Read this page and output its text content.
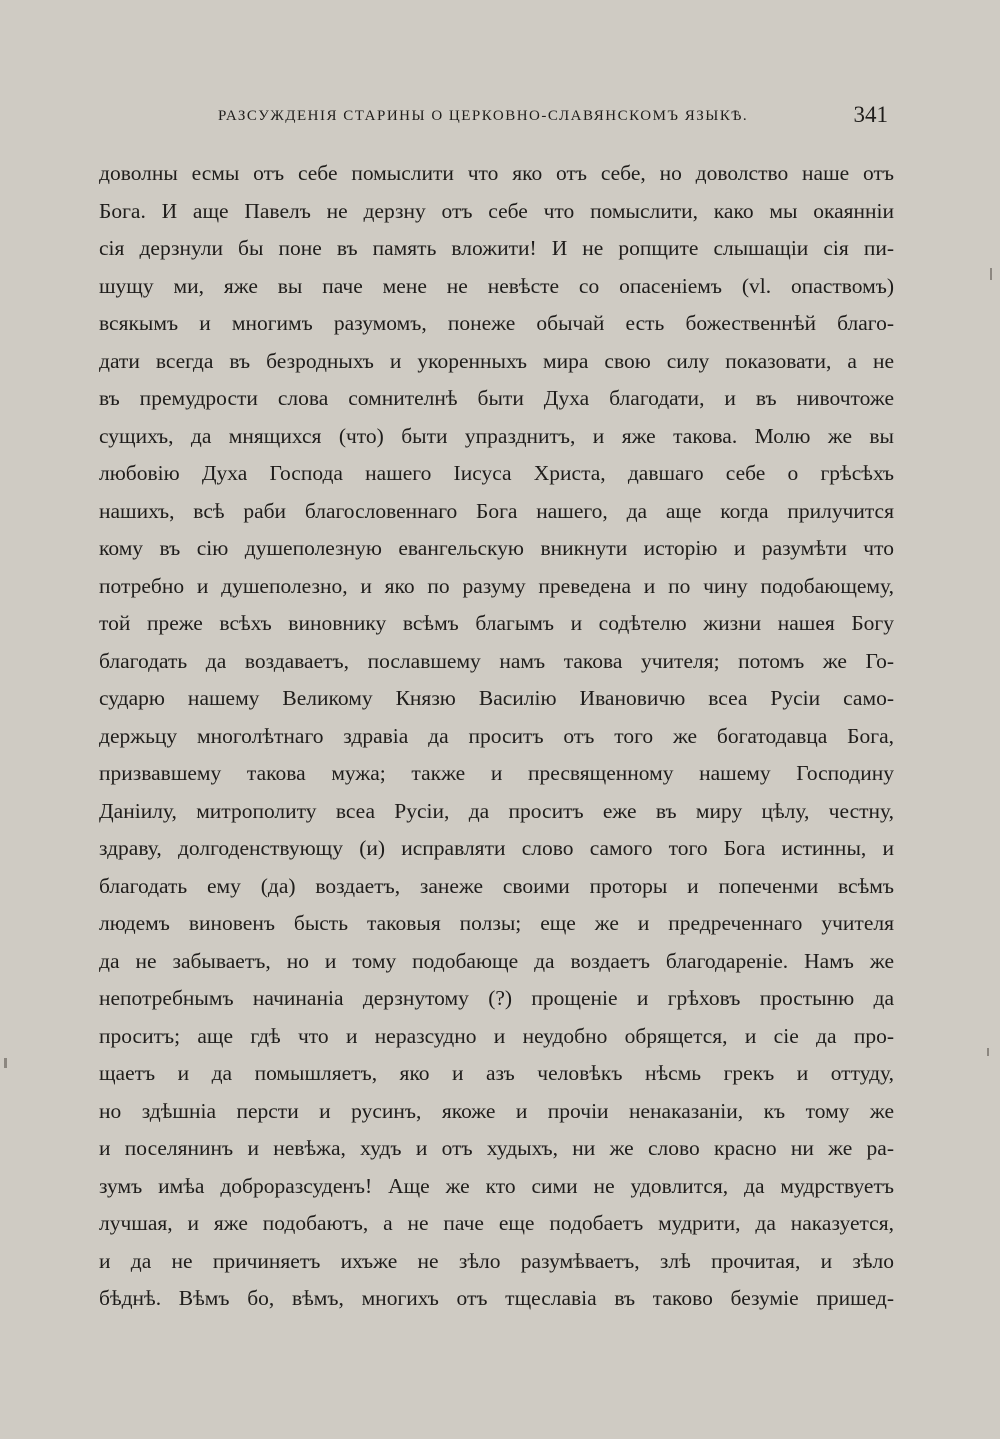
РАЗСУЖДЕНІЯ СТАРИНЫ О ЦЕРКОВНО-СЛАВЯНСКОМЪ ЯЗЫКѢ.	341
доволны есмы отъ себе помыслити что яко отъ себе, но доволство наше отъ
Бога. И аще Павелъ не дерзну отъ себе что помыслити, како мы окаянніи
сія дерзнули бы поне въ память вложити! И не ропщите слышащіи сія пи-
шущу ми, яже вы паче мене не невѣсте со опасеніемъ (vl. опаствомъ)
всякымъ и многимъ разумомъ, понеже обычай есть божественнѣй благо-
дати всегда въ безродныхъ и укоренныхъ мира свою силу показовати, а не
въ премудрости слова сомнителнѣ быти Духа благодати, и въ нивочтоже
сущихъ, да мнящихся (что) быти упразднитъ, и яже такова. Молю же вы
любовію Духа Господа нашего Іисуса Христа, давшаго себе о грѣсѣхъ
нашихъ, всѣ раби благословеннаго Бога нашего, да аще когда прилучится
кому въ сію душеполезную евангельскую вникнути исторію и разумѣти что
потребно и душеполезно, и яко по разуму преведена и по чину подобающему,
той преже всѣхъ виновнику всѣмъ благымъ и содѣтелю жизни нашея Богу
благодать да воздаваетъ, пославшему намъ такова учителя; потомъ же Го-
сударю нашему Великому Князю Василію Ивановичю всеа Русіи само-
держьцу многолѣтнаго здравіа да проситъ отъ того же богатодавца Бога,
призвавшему такова мужа; также и пресвященному нашему Господину
Даніилу, митрополиту всеа Русіи, да проситъ еже въ миру цѣлу, честну,
здраву, долгоденствующу (и) исправляти слово самого того Бога истинны, и
благодать ему (да) воздаетъ, занеже своими проторы и попеченми всѣмъ
людемъ виновенъ бысть таковыя ползы; еще же и предреченнаго учителя
да не забываетъ, но и тому подобающе да воздаетъ благодареніе. Намъ же
непотребнымъ начинаніа дерзнутому (?) прощеніе и грѣховъ простыню да
проситъ; аще гдѣ что и неразсудно и неудобно обрящется, и сіе да про-
щаетъ и да помышляетъ, яко и азъ человѣкъ нѣсмь грекъ и оттуду,
но здѣшніа персти и русинъ, якоже и прочіи ненаказаніи, къ тому же
и поселянинъ и невѣжа, худъ и отъ худыхъ, ни же слово красно ни же ра-
зумъ имѣа доброразсуденъ! Аще же кто сими не удовлится, да мудрствуетъ
лучшая, и яже подобаютъ, а не паче еще подобаетъ мудрити, да наказуется,
и да не причиняетъ ихъже не зѣло разумѣваетъ, злѣ прочитая, и зѣло
бѣднѣ. Вѣмъ бо, вѣмъ, многихъ отъ тщеславіа въ таково безуміе пришед-
